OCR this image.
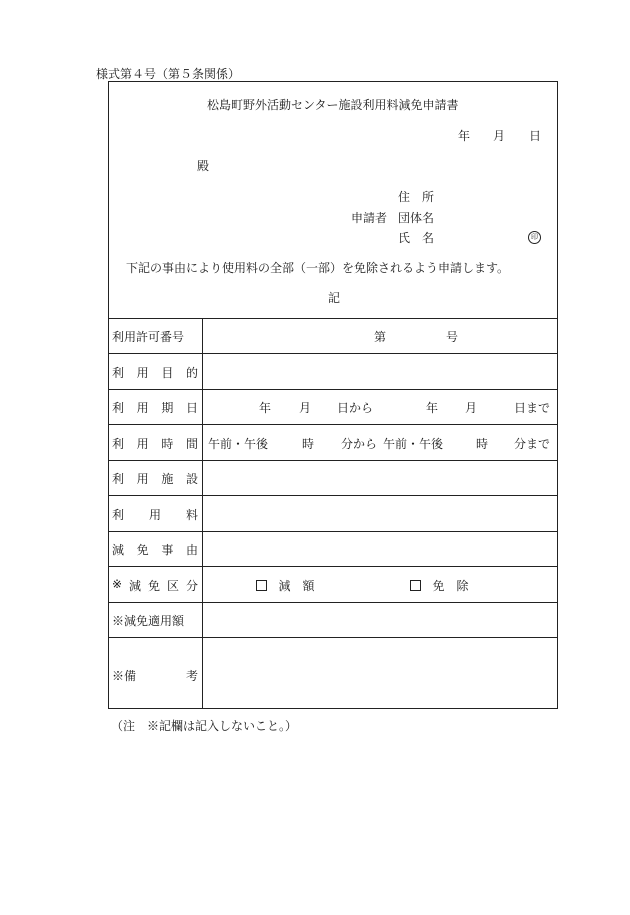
様式第４号（第５条関係）
松島町野外活動センター施設利用料減免申請書
年 月 日
殿
住　所
申請者 団体名
氏　名	印
下記の事由により使用料の全部（一部）を免除されるよう申請します。
記
利用許可番号	第	号
利 用 目 的
利 用 期 日	年 月 日から	年 月	日まで
利 用 時 間 午前・午後	時 分から 午前・午後	時 分まで
利 用 施 設
利 用 料
減 免 事 由
※ 減 免 区 分	減　額	免　除
※減免適用額
※備	考
（注　※記欄は記入しないこと。）
